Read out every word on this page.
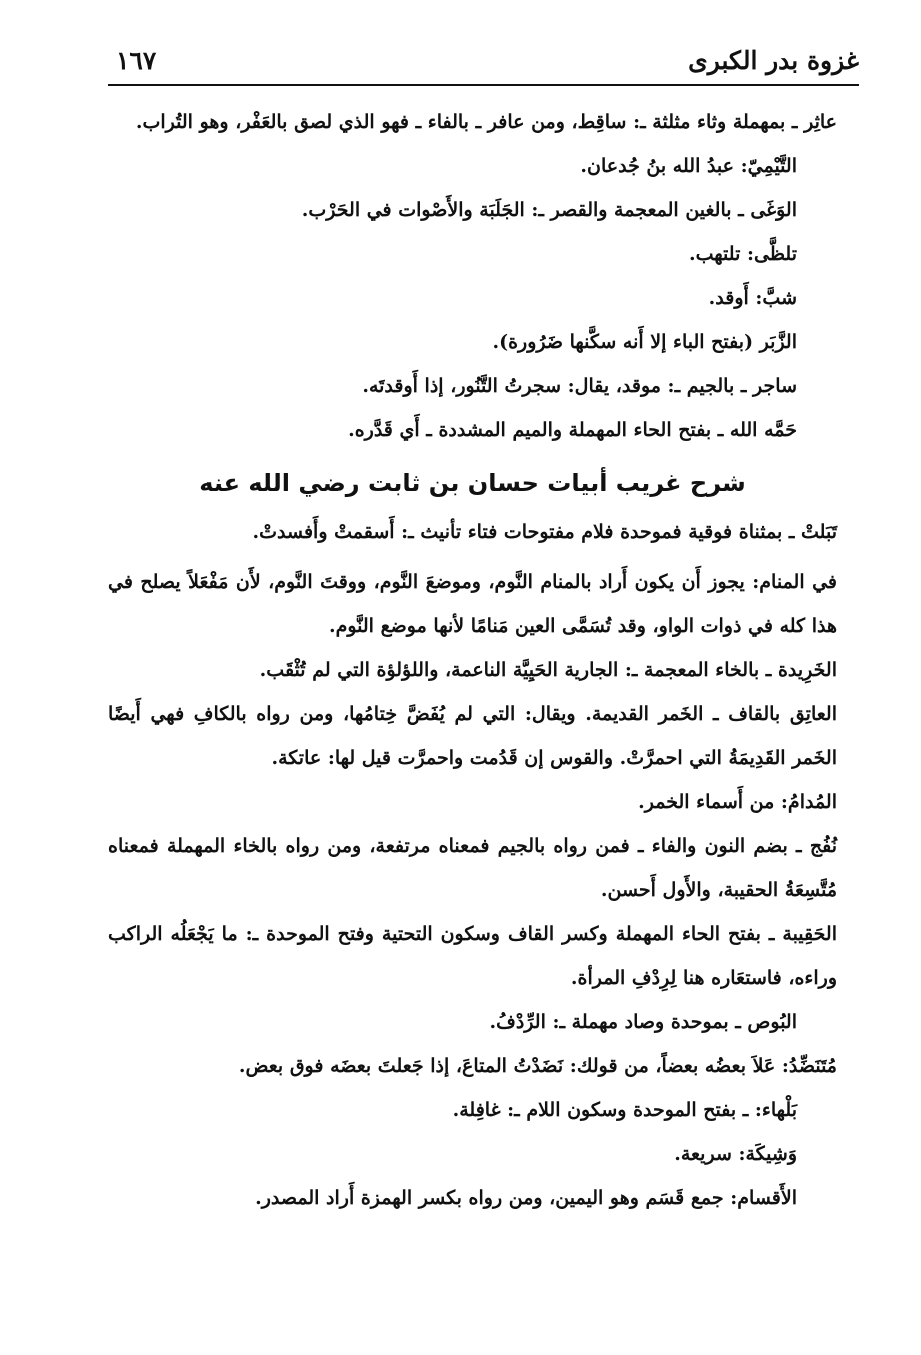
غزوة بدر الكبرى
١٦٧

عاثِر ـ بمهملة وثاء مثلثة ـ: ساقِط، ومن عافر ـ بالفاء ـ فهو الذي لصق بالعَفْر، وهو التُراب.

التَّيْمِيّ: عبدُ الله بنُ جُدعان.

الوَغَى ـ بالغين المعجمة والقصر ـ: الجَلَبَة والأَصْوات في الحَرْب.

تلظَّى: تلتهب.

شبَّ: أَوقد.

الزَّبَر (بفتح الباء إلا أَنه سكَّنها ضَرُورة).

ساجر ـ بالجيم ـ: موقد، يقال: سجرتُ التَّنُور، إذا أَوقدتَه.

حَمَّه الله ـ بفتح الحاء المهملة والميم المشددة ـ أَي قَدَّره.

شرح غريب أبيات حسان بن ثابت رضي الله عنه

تَبَلتْ ـ بمثناة فوقية فموحدة فلام مفتوحات فتاء تأنيث ـ: أَسقمتْ وأَفسدتْ.

في المنام: يجوز أَن يكون أَراد بالمنام النَّوم، وموضعَ النَّوم، ووقتَ النَّوم، لأَن مَفْعَلاً يصلح في هذا كله في ذوات الواو، وقد تُسَمَّى العين مَنامًا لأنها موضع النَّوم.

الخَرِيدة ـ بالخاء المعجمة ـ: الجارية الحَيِيَّة الناعمة، واللؤلؤة التي لم تُثْقَب.

العاتِق بالقاف ـ الخَمر القديمة. ويقال: التي لم يُفَضَّ خِتامُها، ومن رواه بالكافِ فهي أَيضًا الخَمر القَدِيمَةُ التي احمرَّتْ. والقوس إن قَدُمت واحمرَّت قيل لها: عاتكة.

المُدامُ: من أَسماء الخمر.

نُفُج ـ بضم النون والفاء ـ فمن رواه بالجيم فمعناه مرتفعة، ومن رواه بالخاء المهملة فمعناه مُتَّسِعَةُ الحقيبة، والأَول أَحسن.

الحَقِيبة ـ بفتح الحاء المهملة وكسر القاف وسكون التحتية وفتح الموحدة ـ: ما يَجْعَلُه الراكب وراءه، فاستعَاره هنا لِرِدْفِ المرأة.

البُوص ـ بموحدة وصاد مهملة ـ: الرِّدْفُ.

مُتَنَضِّدُ: عَلاَ بعضُه بعضاً، من قولك: نَضَدْتُ المتاعَ، إذا جَعلتَ بعضَه فوق بعض.

بَلْهاء: ـ بفتح الموحدة وسكون اللام ـ: غافِلة.

وَشِيكَة: سريعة.

الأَقسام: جمع قَسَم وهو اليمين، ومن رواه بكسر الهمزة أَراد المصدر.
